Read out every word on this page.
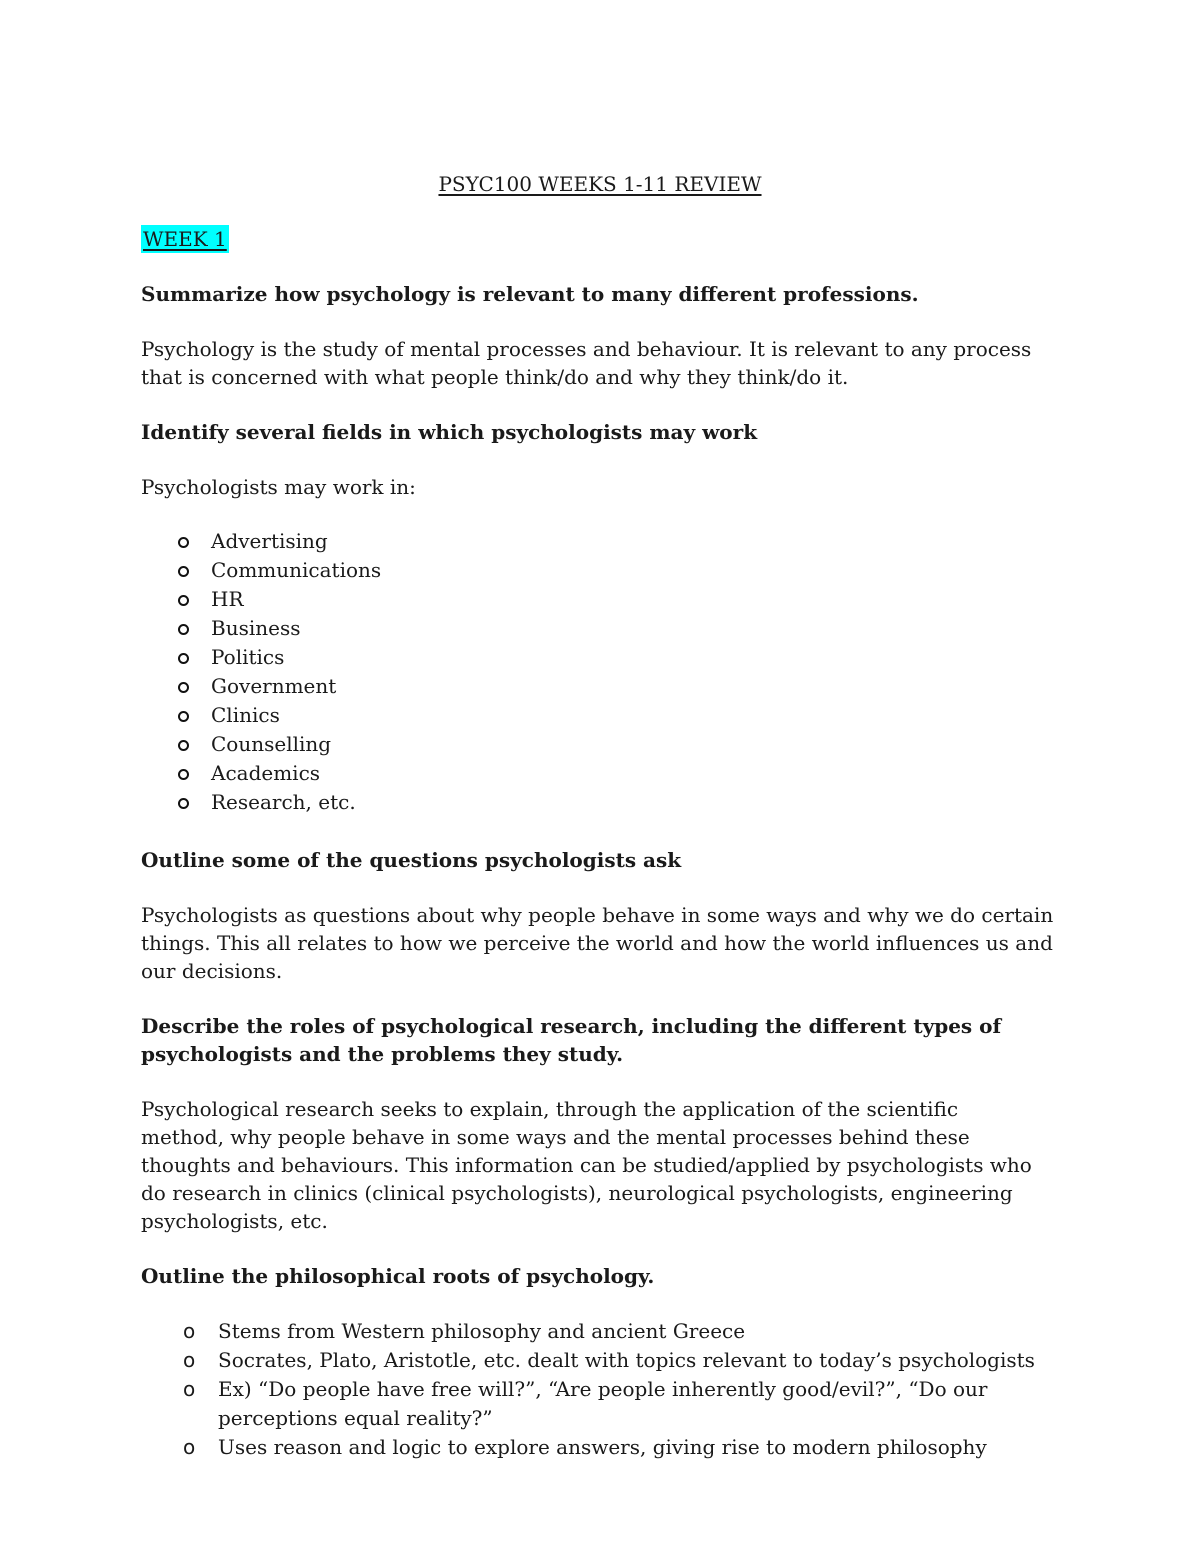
PSYC100 WEEKS 1-11 REVIEW
WEEK 1

Summarize how psychology is relevant to many different professions.

Psychology is the study of mental processes and behaviour. It is relevant to any process that is concerned with what people think/do and why they think/do it.

Identify several fields in which psychologists may work

Psychologists may work in:

Advertising
Communications
HR
Business
Politics
Government
Clinics
Counselling
Academics
Research, etc.

Outline some of the questions psychologists ask

Psychologists as questions about why people behave in some ways and why we do certain things. This all relates to how we perceive the world and how the world influences us and our decisions.

Describe the roles of psychological research, including the different types of psychologists and the problems they study.

Psychological research seeks to explain, through the application of the scientific method, why people behave in some ways and the mental processes behind these thoughts and behaviours. This information can be studied/applied by psychologists who do research in clinics (clinical psychologists), neurological psychologists, engineering psychologists, etc.

Outline the philosophical roots of psychology.

o Stems from Western philosophy and ancient Greece
o Socrates, Plato, Aristotle, etc. dealt with topics relevant to today’s psychologists
o Ex) “Do people have free will?”, “Are people inherently good/evil?”, “Do our perceptions equal reality?”
o Uses reason and logic to explore answers, giving rise to modern philosophy
